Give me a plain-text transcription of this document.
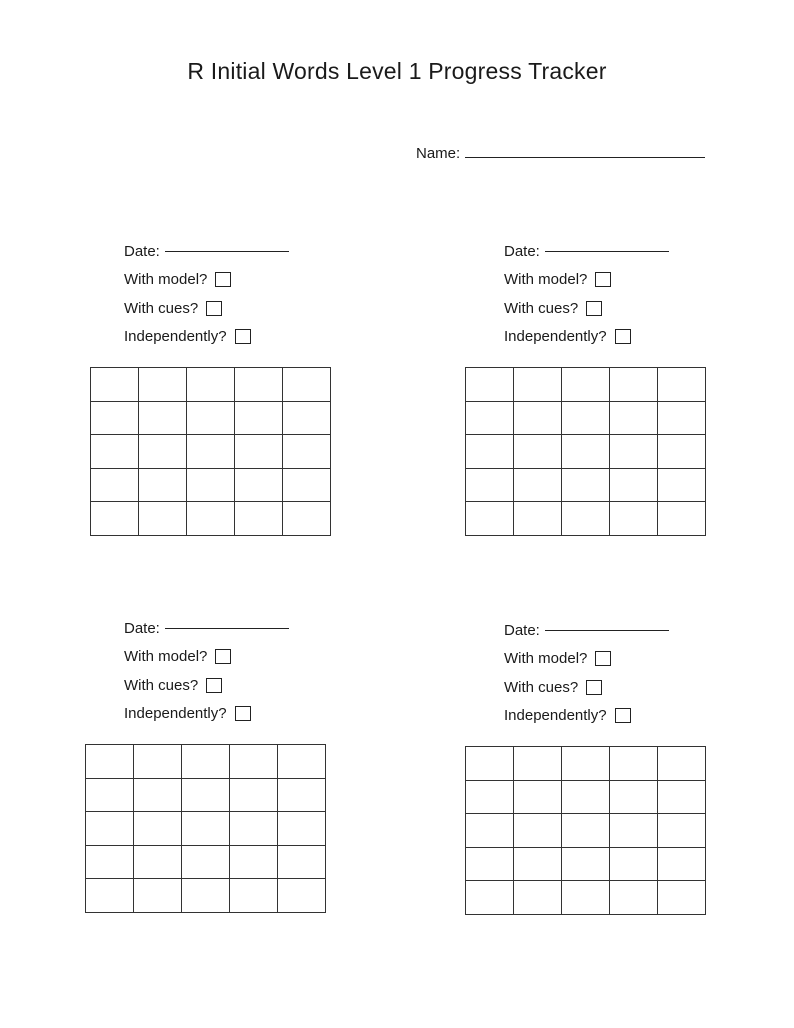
R Initial Words Level 1 Progress Tracker
Name:
Date:
With model?
With cues?
Independently?
Date:
With model?
With cues?
Independently?
Date:
With model?
With cues?
Independently?
Date:
With model?
With cues?
Independently?
